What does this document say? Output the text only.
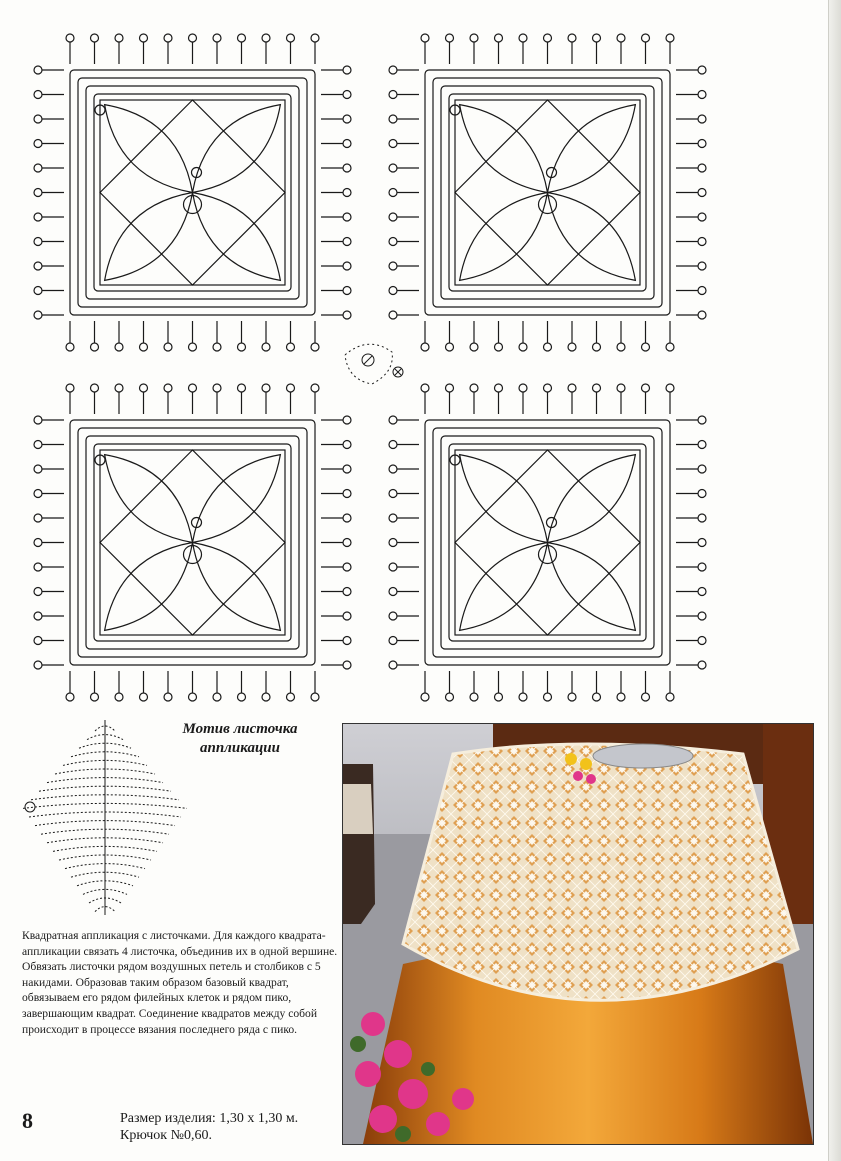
Мотив листочка
аппликации
Квадратная аппликация с листочками. Для каждого квадрата-аппликации связать 4 листочка, объединив их в одной вершине. Обвязать листочки рядом воздушных петель и столбиков с 5 накидами. Образовав таким образом базовый квадрат, обвязываем его рядом филейных клеток и рядом пико, завершающим квадрат. Соединение квадратов между собой происходит в процессе вязания последнего ряда с пико.
8	Размер изделия: 1,30 х 1,30 м.
Крючок №0,60.
